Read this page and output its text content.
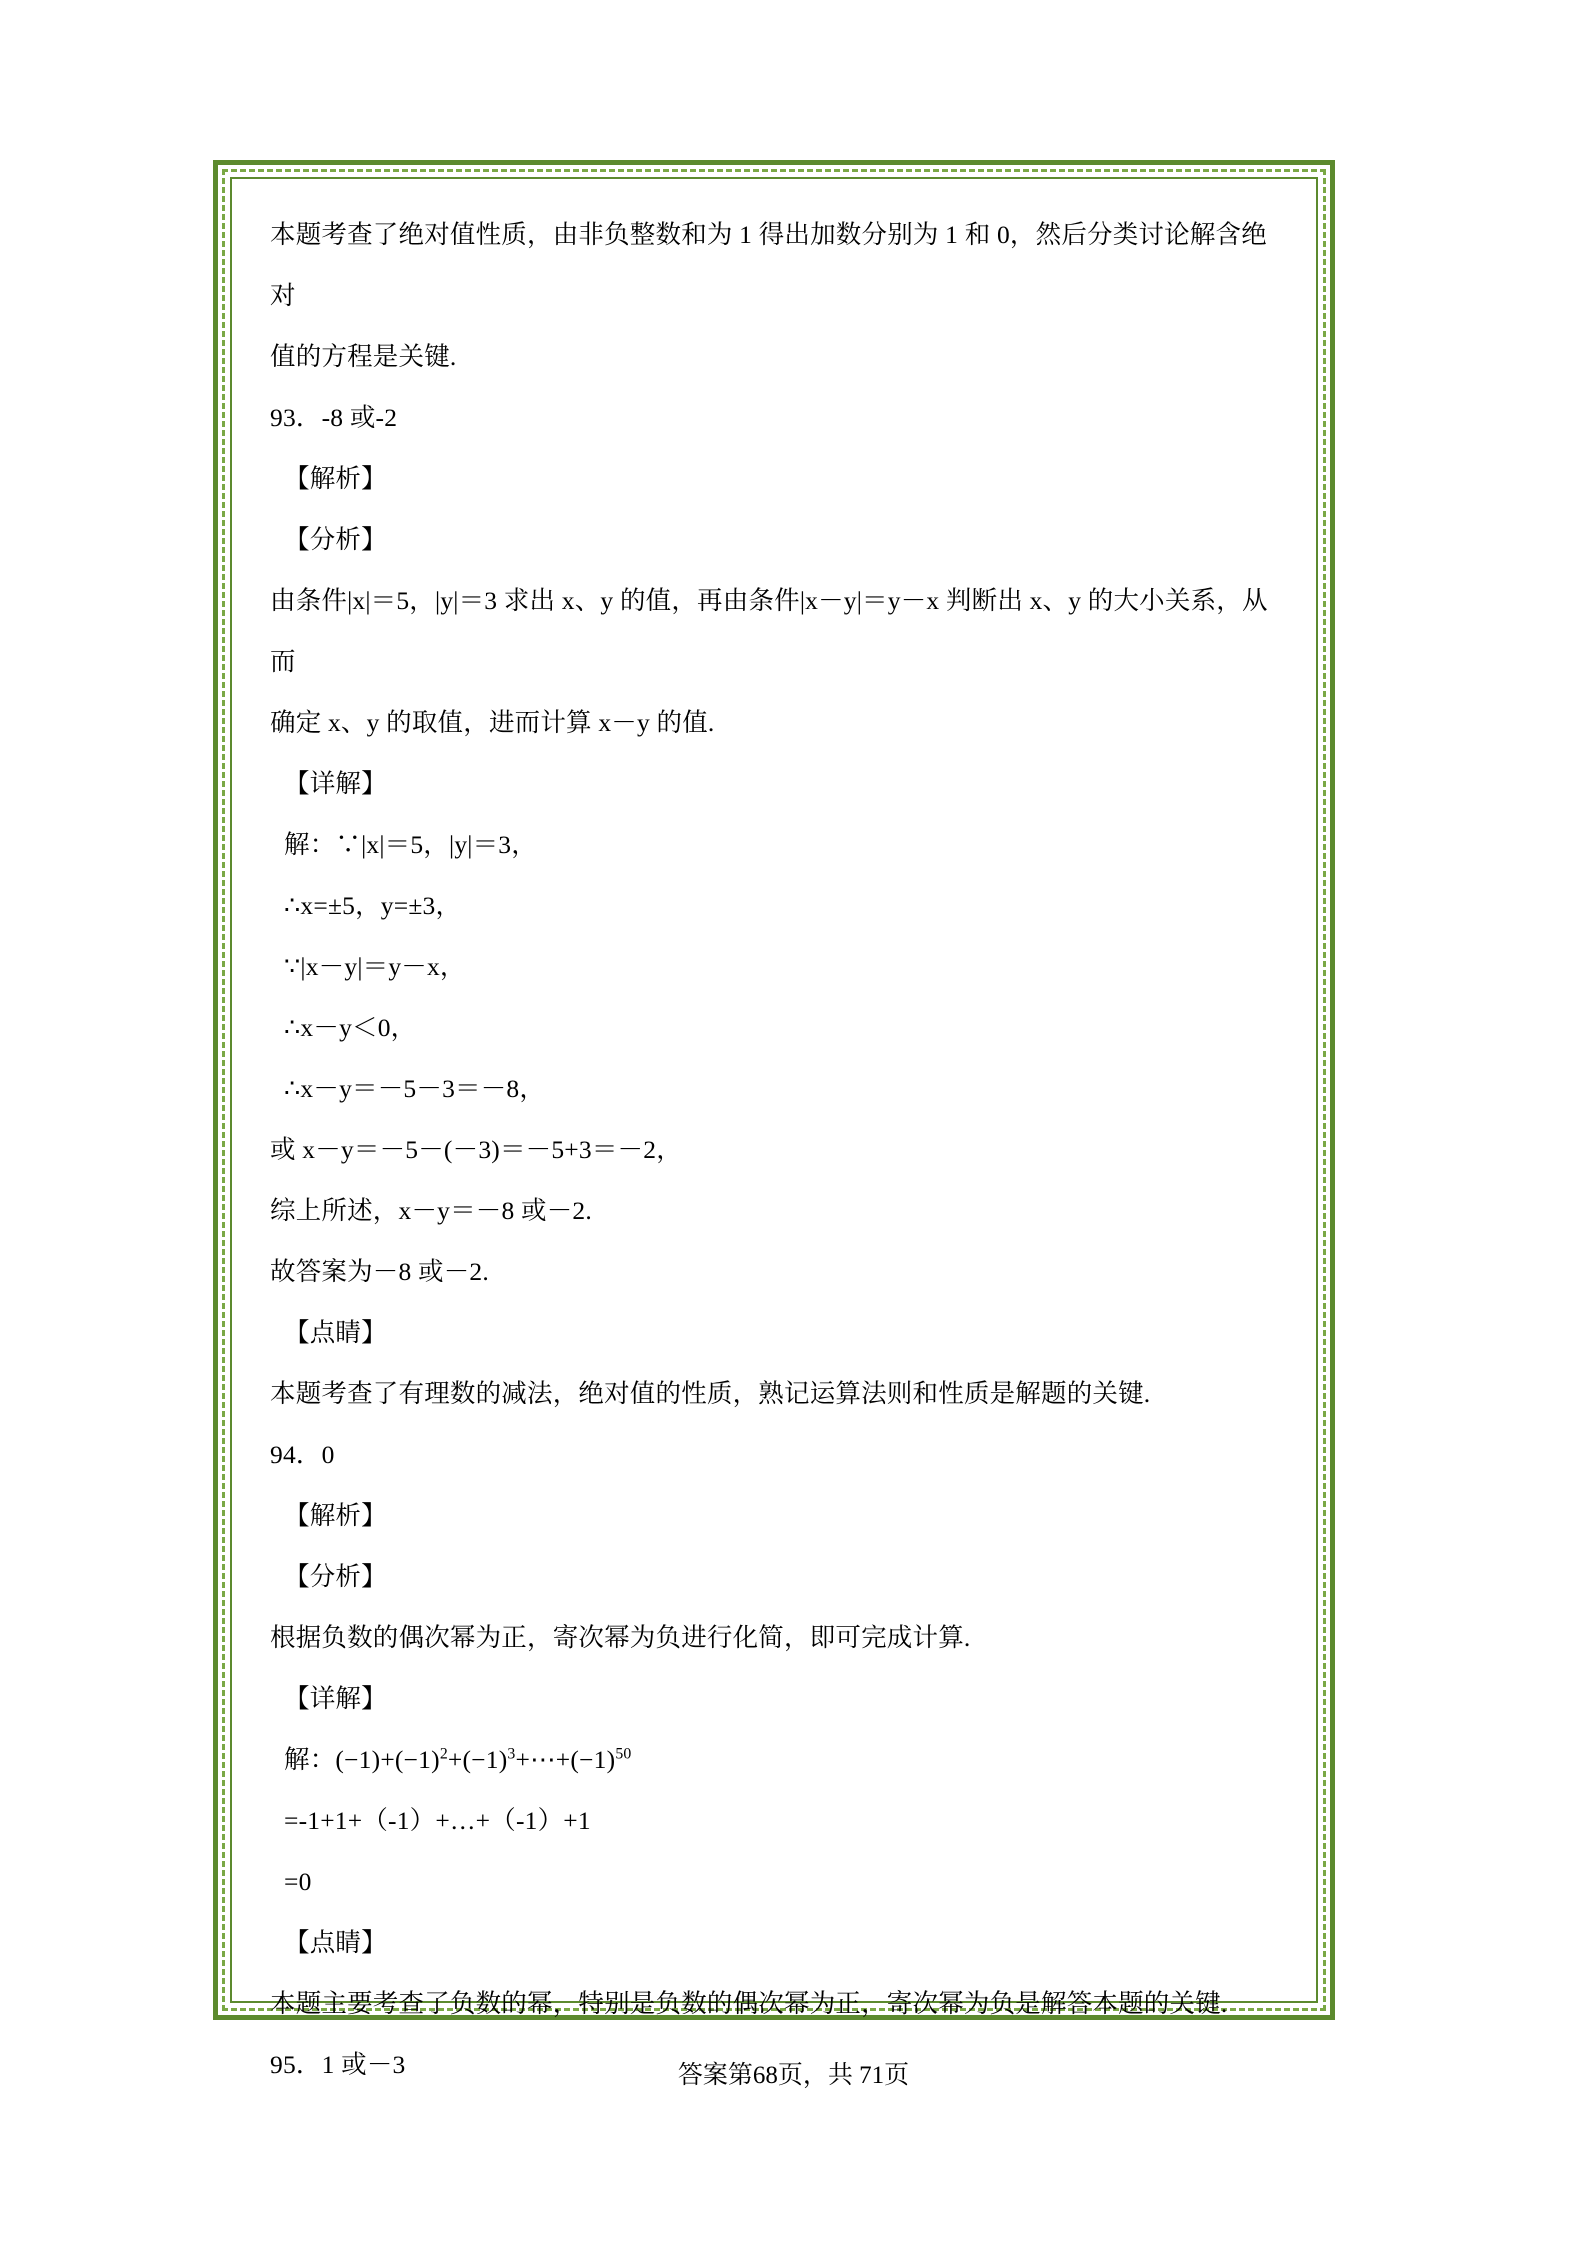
本题考查了绝对值性质，由非负整数和为 1 得出加数分别为 1 和 0，然后分类讨论解含绝对
值的方程是关键.
93．-8 或-2
【解析】
【分析】
由条件|x|＝5，|y|＝3 求出 x、y 的值，再由条件|x－y|＝y－x 判断出 x、y 的大小关系，从而
确定 x、y 的取值，进而计算 x－y 的值.
【详解】
解：∵|x|＝5，|y|＝3，
∴x=±5，y=±3，
∵|x－y|＝y－x，
∴x－y＜0，
∴x－y＝－5－3＝－8，
或 x－y＝－5－(－3)＝－5+3＝－2，
综上所述，x－y＝－8 或－2.
故答案为－8 或－2.
【点睛】
本题考查了有理数的减法，绝对值的性质，熟记运算法则和性质是解题的关键.
94．0
【解析】
【分析】
根据负数的偶次幂为正，寄次幂为负进行化简，即可完成计算.
【详解】
解：$(-1)+(-1)^2+(-1)^3+\cdots+(-1)^{50}$
=-1+1+（-1）+…+（-1）+1
=0
【点睛】
本题主要考查了负数的幂，特别是负数的偶次幂为正，寄次幂为负是解答本题的关键.
95．1 或－3	答案第68页，共 71页
